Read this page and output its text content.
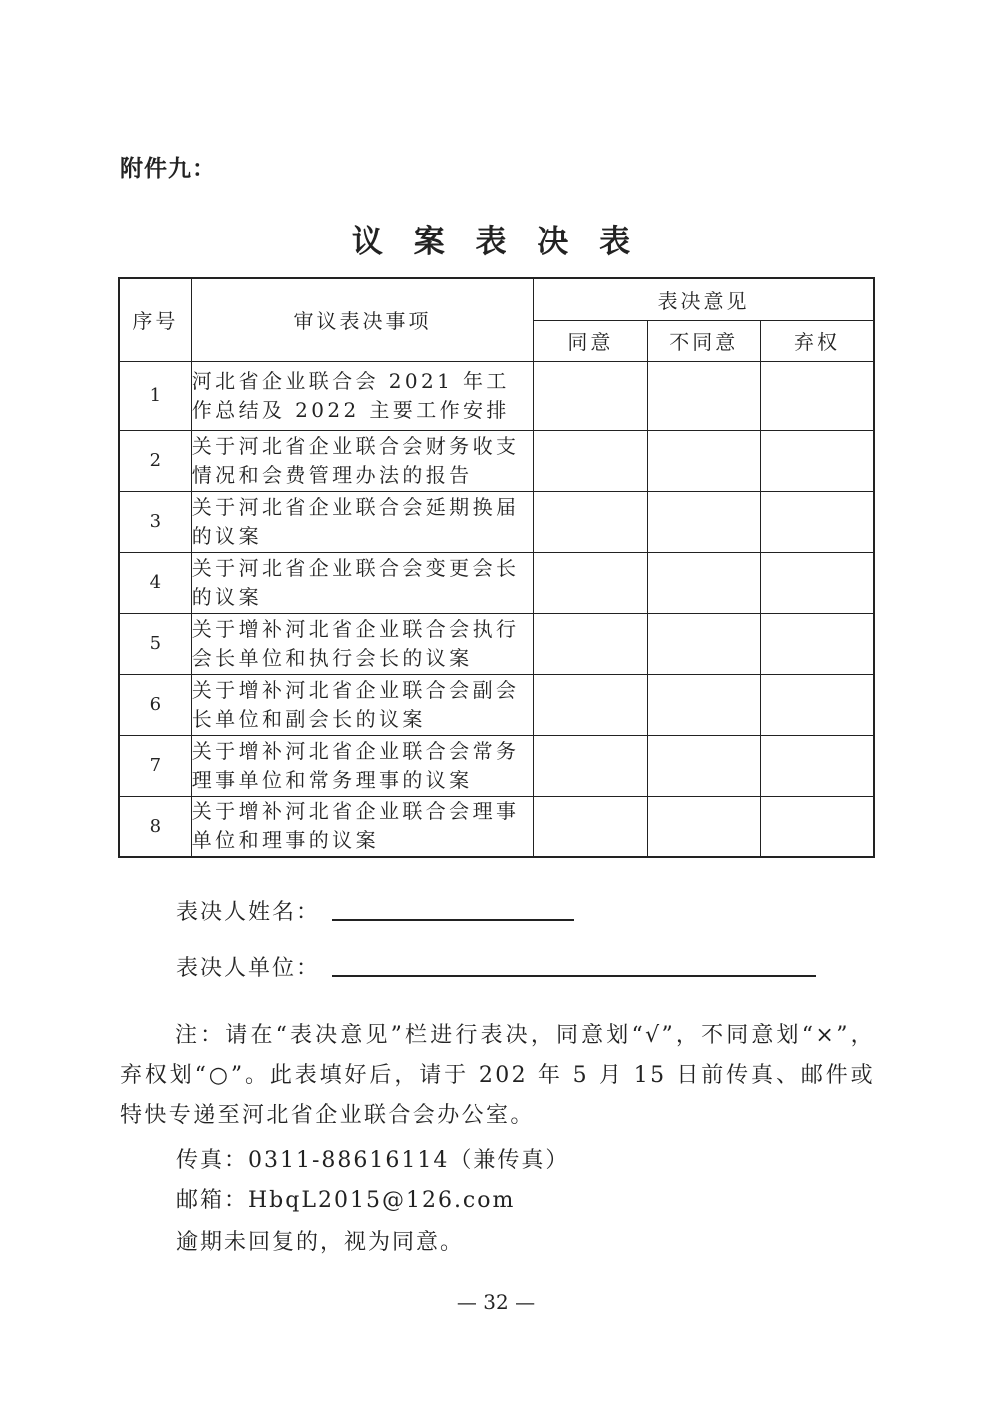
附件九：
议 案 表 决 表
序号	审议表决事项	表决意见		
		同意	不同意	弃权
1	河北省企业联合会 2021 年工作总结及 2022 主要工作安排			
2	关于河北省企业联合会财务收支情况和会费管理办法的报告			
3	关于河北省企业联合会延期换届的议案			
4	关于河北省企业联合会变更会长的议案			
5	关于增补河北省企业联合会执行会长单位和执行会长的议案			
6	关于增补河北省企业联合会副会长单位和副会长的议案			
7	关于增补河北省企业联合会常务理事单位和常务理事的议案			
8	关于增补河北省企业联合会理事单位和理事的议案			
表决人姓名：
表决人单位：
注：请在“表决意见”栏进行表决，同意划“√”，不同意划“×”，弃权划“○”。此表填好后，请于 202 年 5 月 15 日前传真、邮件或特快专递至河北省企业联合会办公室。
传真：0311-88616114（兼传真）
邮箱：HbqL2015@126.com
逾期未回复的，视为同意。
— 32 —
